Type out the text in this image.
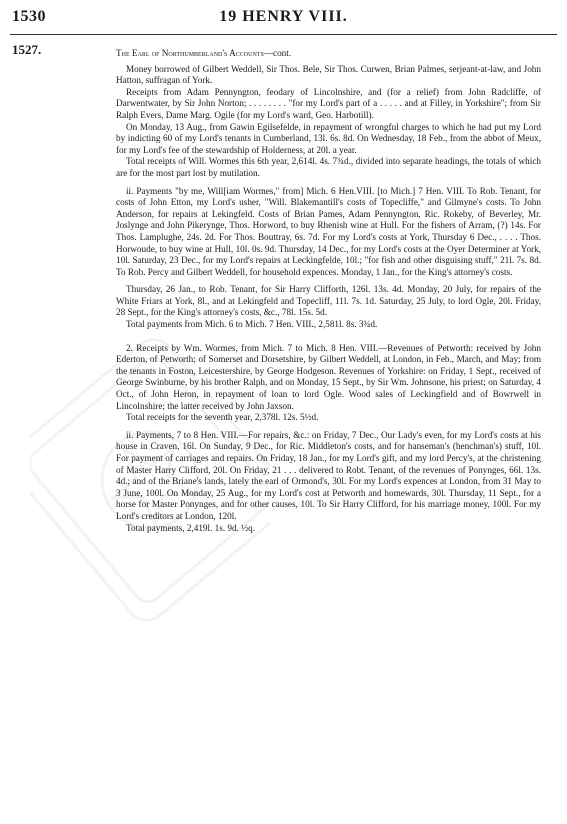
1530	19 HENRY VIII.
1527.	The Earl of Northumberland's Accounts—cont.

Money borrowed of Gilbert Weddell, Sir Thos. Bele, Sir Thos. Curwen, Brian Palmes, serjeant-at-law, and John Hatton, suffragan of York.

Receipts from Adam Pennyngton, feodary of Lincolnshire, and (for a relief) from John Radcliffe, of Darwentwater, by Sir John Norton; . . . . . . . . "for my Lord's part of a . . . . . and at Filley, in Yorkshire"; from Sir Ralph Evers, Dame Marg. Ogile (for my Lord's ward, Geo. Harbotill).

On Monday, 13 Aug., from Gawin Egilsefelde, in repayment of wrongful charges to which he had put my Lord by indicting 60 of my Lord's tenants in Cumberland, 13l. 6s. 8d. On Wednesday, 18 Feb., from the abbot of Meux, for my Lord's fee of the stewardship of Holderness, at 20l. a year.

Total receipts of Will. Wormes this 6th year, 2,614l. 4s. 7¾d., divided into separate headings, the totals of which are for the most part lost by mutilation.

ii. Payments "by me, Will[iam Wormes," from] Mich. 6 Hen.VIII. [to Mich.] 7 Hen. VIII. To Rob. Tenant, for costs of John Etton, my Lord's usher, "Will. Blakemantill's costs of Topecliffe," and Gilmyne's costs. To John Anderson, for repairs at Lekingfeld. Costs of Brian Pames, Adam Pennyngton, Ric. Rokeby, of Beverley, Mr. Joslynge and John Pikerynge, Thos. Horword, to buy Rhenish wine at Hull. For the fishers of Arram, (?) 14s. For Thos. Lamplughe, 24s. 2d. For Thos. Bouttray, 6s. 7d. For my Lord's costs at York, Thursday 6 Dec., . . . . Thos. Horwoude, to buy wine at Hull, 10l. 0s. 9d. Thursday, 14 Dec., for my Lord's costs at the Oyer Determiner at York, 10l. Saturday, 23 Dec., for my Lord's repairs at Leckingfelde, 10l.; "for fish and other disguising stuff," 21l. 7s. 8d. To Rob. Percy and Gilbert Weddell, for household expences. Monday, 1 Jan., for the King's attorney's costs.

Thursday, 26 Jan., to Rob. Tenant, for Sir Harry Clifforth, 126l. 13s. 4d. Monday, 20 July, for repairs of the White Friars at York, 8l., and at Lekingfeld and Topecliff, 11l. 7s. 1d. Saturday, 25 July, to lord Ogle, 20l. Friday, 28 Sept., for the King's attorney's costs, &c., 78l. 15s. 5d.

Total payments from Mich. 6 to Mich. 7 Hen. VIII., 2,581l. 8s. 3¾d.

2. Receipts by Wm. Wormes, from Mich. 7 to Mich. 8 Hen. VIII.—Revenues of Petworth: received by John Ederton, of Petworth; of Somerset and Dorsetshire, by Gilbert Weddell, at London, in Feb., March, and May; from the tenants in Foston, Leicestershire, by George Hodgeson. Revenues of Yorkshire: on Friday, 1 Sept., received of George Swinburne, by his brother Ralph, and on Monday, 15 Sept., by Sir Wm. Johnsone, his priest; on Saturday, 4 Oct., of John Heron, in repayment of loan to lord Ogle. Wood sales of Leckingfield and of Bowrwell in Lincolnshire; the latter received by John Jaxson.

Total receipts for the seventh year, 2,378l. 12s. 5½d.

ii. Payments, 7 to 8 Hen. VIII.—For repairs, &c.: on Friday, 7 Dec., Our Lady's even, for my Lord's costs at his house in Craven, 16l. On Sunday, 9 Dec., for Ric. Middleton's costs, and for hanseman's (henchman's) stuff, 10l. For payment of carriages and repairs. On Friday, 18 Jan., for my Lord's gift, and my lord Percy's, at the christening of Master Harry Clifford, 20l. On Friday, 21 . . . delivered to Robt. Tenant, of the revenues of Ponynges, 66l. 13s. 4d.; and of the Briane's lands, lately the earl of Ormond's, 30l. For my Lord's expences at London, from 31 May to 3 June, 100l. On Monday, 25 Aug., for my Lord's cost at Petworth and homewards, 30l. Thursday, 11 Sept., for a horse for Master Ponynges, and for other causes, 10l. To Sir Harry Clifford, for his marriage money, 100l. For my Lord's creditors at London, 120l.

Total payments, 2,419l. 1s. 9d. ½q.
